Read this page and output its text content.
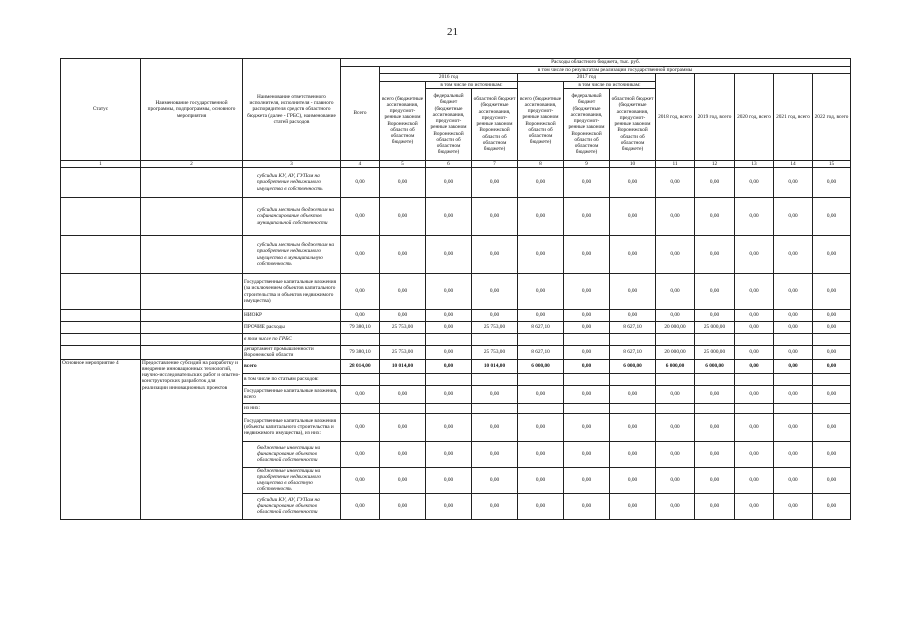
21
Статус	Наименование государственной программы, подпрограммы, основного мероприятия	Наименование ответственного исполнителя, исполнителя - главного распорядителя средств областного бюджета (далее - ГРБС), наименование статей расходов	Расходы областного бюджета, тыс. руб.											
			Всего	в том числе по результатам реализации государственной программы										
				2016 год			2017 год			2018 год, всего	2019 год, всего	2020 год, всего	2021 год, всего	2022 год, всего
				всего (бюджетные ассигнования, предусмот- ренные законом Воронежской области об областном бюджете)	в том числе по источникам:		всего (бюджетные ассигнования, предусмот- ренные законом Воронежской области об областном бюджете)	в том числе по источникам:						
					федеральный бюджет (бюджетные ассигнования, предусмот- ренные законом Воронежской области об областном бюджете)	областной бюджет (бюджетные ассигнования, предусмот- ренные законом Воронежской области об областном бюджете)		федеральный бюджет (бюджетные ассигнования, предусмот- ренные законом Воронежской области об областном бюджете)	областной бюджет (бюджетные ассигнования, предусмот- ренные законом Воронежской области об областном бюджете)					
1	2	3	4	5	6	7	8	9	10	11	12	13	14	15
		субсидии КУ, АУ, ГУПам на приобретение недвижимого имущества в собственность	0,00	0,00	0,00	0,00	0,00	0,00	0,00	0,00	0,00	0,00	0,00	0,00
		субсидии местным бюджетам на софинансирование объектов муниципальной собственности	0,00	0,00	0,00	0,00	0,00	0,00	0,00	0,00	0,00	0,00	0,00	0,00
		субсидии местным бюджетам на приобретение недвижимого имущества в муниципальную собственность	0,00	0,00	0,00	0,00	0,00	0,00	0,00	0,00	0,00	0,00	0,00	0,00
		Государственные капитальные вложения (за исключением объектов капитального строительства и объектов недвижимого имущества)	0,00	0,00	0,00	0,00	0,00	0,00	0,00	0,00	0,00	0,00	0,00	0,00
		НИОКР	0,00	0,00	0,00	0,00	0,00	0,00	0,00	0,00	0,00	0,00	0,00	0,00
		ПРОЧИЕ расходы	79 380,10	25 753,00	0,00	25 753,00	8 627,10	0,00	8 627,10	20 000,00	25 000,00	0,00	0,00	0,00
		в том числе по ГРБС												
		департамент промышленности Воронежской области	79 380,10	25 753,00	0,00	25 753,00	8 627,10	0,00	8 627,10	20 000,00	25 000,00	0,00	0,00	0,00
Основное мероприятие 4	Предоставление субсидий на разработку и внедрение инновационных технологий, научно-исследовательских работ и опытно-конструкторских разработок для реализации инновационных проектов	всего	28 014,00	10 014,00	0,00	10 014,00	6 000,00	0,00	6 000,00	6 000,00	6 000,00	0,00	0,00	0,00
		в том числе по статьям расходов:												
		Государственные капитальные вложения, всего	0,00	0,00	0,00	0,00	0,00	0,00	0,00	0,00	0,00	0,00	0,00	0,00
		из них:												
		Государственные капитальные вложения (объекты капитального строительства и недвижимого имущества), из них:	0,00	0,00	0,00	0,00	0,00	0,00	0,00	0,00	0,00	0,00	0,00	0,00
		бюджетные инвестиции на финансирование объектов областной собственности	0,00	0,00	0,00	0,00	0,00	0,00	0,00	0,00	0,00	0,00	0,00	0,00
		бюджетные инвестиции на приобретение недвижимого имущества в областную собственность	0,00	0,00	0,00	0,00	0,00	0,00	0,00	0,00	0,00	0,00	0,00	0,00
		субсидии КУ, АУ, ГУПам на финансирование объектов областной собственности	0,00	0,00	0,00	0,00	0,00	0,00	0,00	0,00	0,00	0,00	0,00	0,00
